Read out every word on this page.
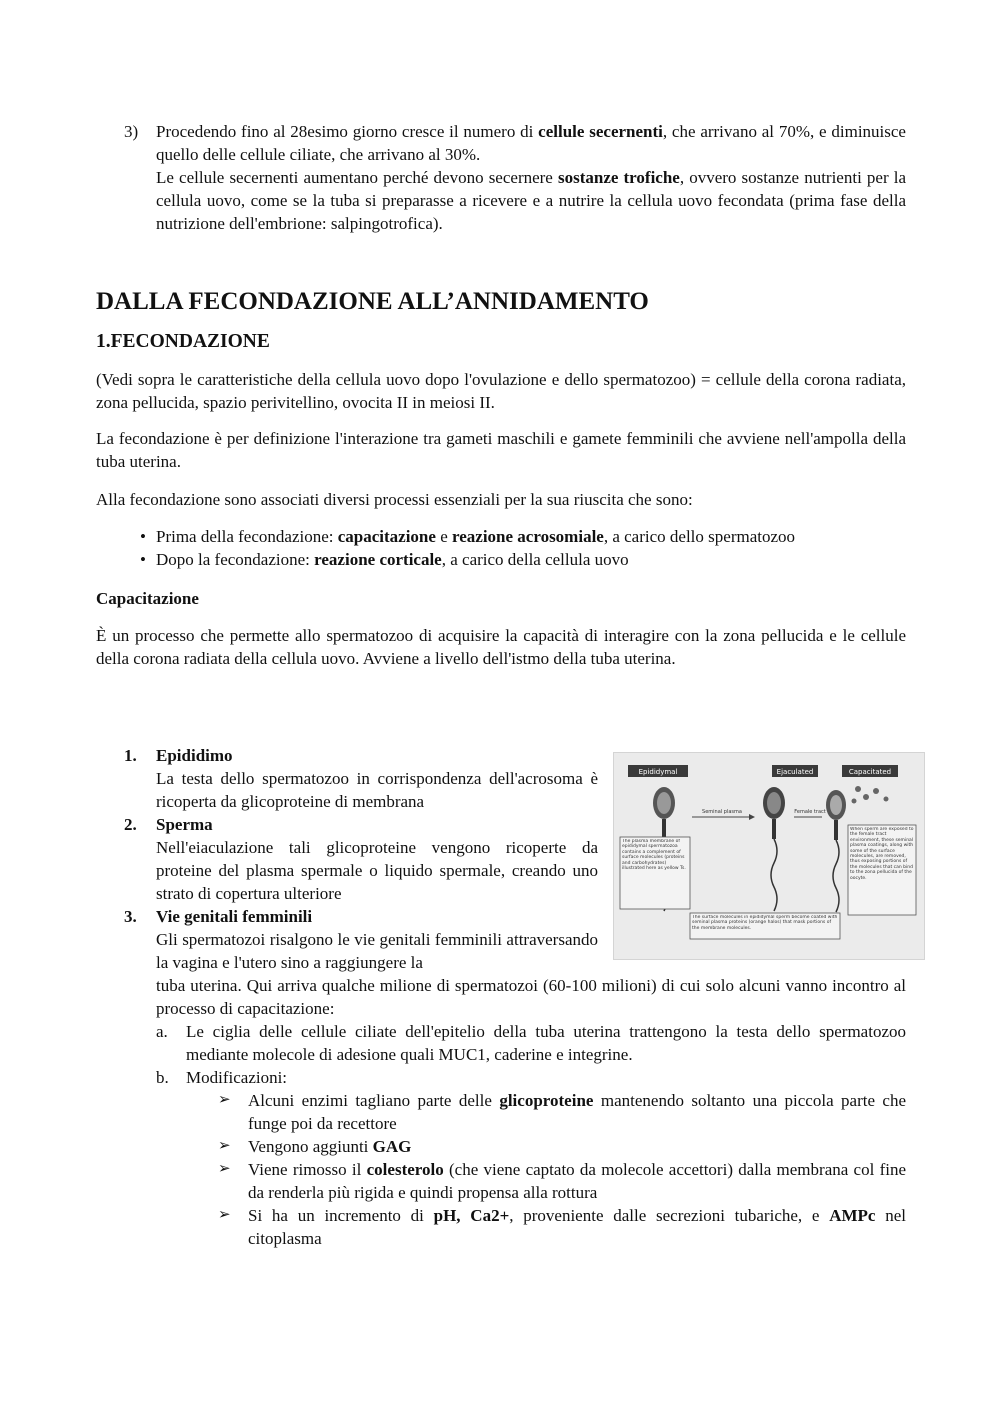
3) Procedendo fino al 28esimo giorno cresce il numero di cellule secernenti, che arrivano al 70%, e diminuisce quello delle cellule ciliate, che arrivano al 30%.

Le cellule secernenti aumentano perché devono secernere sostanze trofiche, ovvero sostanze nutrienti per la cellula uovo, come se la tuba si preparasse a ricevere e a nutrire la cellula uovo fecondata (prima fase della nutrizione dell'embrione: salpingotrofica).

DALLA FECONDAZIONE ALL’ANNIDAMENTO
1.FECONDAZIONE

(Vedi sopra le caratteristiche della cellula uovo dopo l'ovulazione e dello spermatozoo) = cellule della corona radiata, zona pellucida, spazio perivitellino, ovocita II in meiosi II.

La fecondazione è per definizione l'interazione tra gameti maschili e gamete femminili che avviene nell'ampolla della tuba uterina.

Alla fecondazione sono associati diversi processi essenziali per la sua riuscita che sono:

• Prima della fecondazione: capacitazione e reazione acrosomiale, a carico dello spermatozoo
• Dopo la fecondazione: reazione corticale, a carico della cellula uovo
Capacitazione

È un processo che permette allo spermatozoo di acquisire la capacità di interagire con la zona pellucida e le cellule della corona radiata della cellula uovo. Avviene a livello dell'istmo della tuba uterina.

Epididymal	Ejaculated	Capacitated
Seminal plasma	Female tract
The plasma membrane of epididymal spermatozoa contains a complement of surface molecules (proteins and carbohydrates) illustrated here as yellow Ts.
When sperm are exposed to the female tract environment, these seminal plasma coatings, along with some of the surface molecules, are removed, thus exposing portions of the molecules that can bind to the zona pellucida of the oocyte.
The surface molecules in epididymal sperm become coated with seminal plasma proteins (orange halos) that mask portions of the membrane molecules.
1. Epididimo

La testa dello spermatozoo in corrispondenza dell'acrosoma è ricoperta da glicoproteine di membrana

2. Sperma

Nell'eiaculazione tali glicoproteine vengono ricoperte da proteine del plasma spermale o liquido spermale, creando uno strato di copertura ulteriore

3. Vie genitali femminili

Gli spermatozoi risalgono le vie genitali femminili attraversando la vagina e l'utero sino a raggiungere la

tuba uterina. Qui arriva qualche milione di spermatozoi (60-100 milioni) di cui solo alcuni vanno incontro al processo di capacitazione:

a. Le ciglia delle cellule ciliate dell'epitelio della tuba uterina trattengono la testa dello spermatozoo mediante molecole di adesione quali MUC1, caderine e integrine.

b. Modificazioni:

➢ Alcuni enzimi tagliano parte delle glicoproteine mantenendo soltanto una piccola parte che funge poi da recettore

➢ Vengono aggiunti GAG

➢ Viene rimosso il colesterolo (che viene captato da molecole accettori) dalla membrana col fine da renderla più rigida e quindi propensa alla rottura

➢ Si ha un incremento di pH, Ca2+, proveniente dalle secrezioni tubariche, e AMPc nel citoplasma
